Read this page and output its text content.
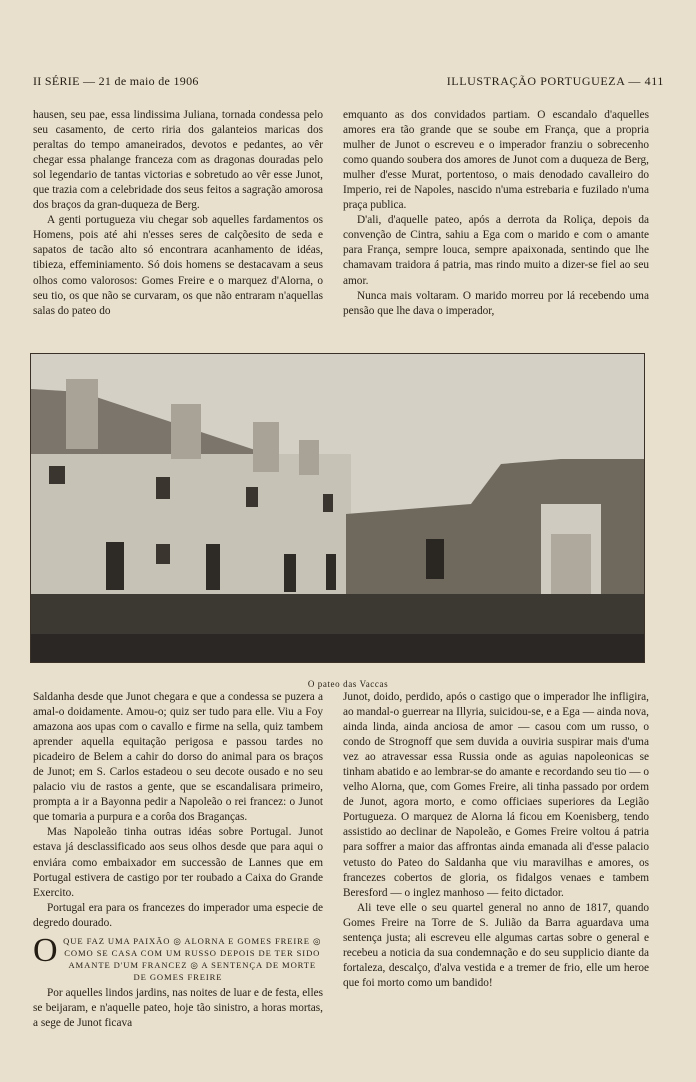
II SÉRIE — 21 de maio de 1906	ILLUSTRAÇÃO PORTUGUEZA — 411

hausen, seu pae, essa lindissima Juliana, tornada condessa pelo seu casamento, de certo riria dos galanteios maricas dos peraltas do tempo amaneirados, devotos e pedantes, ao vêr chegar essa phalange franceza com as dragonas douradas pelo sol legendario de tantas victorias e sobretudo ao vêr esse Junot, que trazia com a celebridade dos seus feitos a sagração amorosa dos braços da gran-duqueza de Berg.

A genti portugueza viu chegar sob aquelles fardamentos os Homens, pois até ahi n'esses seres de calçõesito de seda e sapatos de tacão alto só encontrara acanhamento de idéas, tibieza, effeminiamento. Só dois homens se destacavam a seus olhos como valorosos: Gomes Freire e o marquez d'Alorna, o seu tio, os que não se curvaram, os que não entraram n'aquellas salas do pateo do

emquanto as dos convidados partiam. O escandalo d'aquelles amores era tão grande que se soube em França, que a propria mulher de Junot o escreveu e o imperador franziu o sobrecenho como quando soubera dos amores de Junot com a duqueza de Berg, mulher d'esse Murat, portentoso, o mais denodado cavalleiro do Imperio, rei de Napoles, nascido n'uma estrebaria e fuzilado n'uma praça publica.

D'ali, d'aquelle pateo, após a derrota da Roliça, depois da convenção de Cintra, sahiu a Ega com o marido e com o amante para França, sempre louca, sempre apaixonada, sentindo que lhe chamavam traidora á patria, mas rindo muito a dizer-se fiel ao seu amor.

Nunca mais voltaram. O marido morreu por lá recebendo uma pensão que lhe dava o imperador,

O pateo das Vaccas

Saldanha desde que Junot chegara e que a condessa se puzera a amal-o doidamente. Amou-o; quiz ser tudo para elle. Viu a Foy amazona aos upas com o cavallo e firme na sella, quiz tambem aprender aquella equitação perigosa e passou tardes no picadeiro de Belem a cahir do dorso do animal para os braços de Junot; em S. Carlos estadeou o seu decote ousado e no seu palacio viu de rastos a gente, que se escandalisara primeiro, prompta a ir a Bayonna pedir a Napoleão o rei francez: o Junot que tomaria a purpura e a corôa dos Braganças.

Mas Napoleão tinha outras idéas sobre Portugal. Junot estava já desclassificado aos seus olhos desde que para aqui o enviára como embaixador em successão de Lannes que em Portugal estivera de castigo por ter roubado a Caixa do Grande Exercito.

Portugal era para os francezes do imperador uma especie de degredo dourado.

O QUE FAZ UMA PAIXÃO ◎ ALORNA E GOMES FREIRE ◎ COMO SE CASA COM UM RUSSO DEPOIS DE TER SIDO AMANTE D'UM FRANCEZ ◎ A SENTENÇA DE MORTE DE GOMES FREIRE

Por aquelles lindos jardins, nas noites de luar e de festa, elles se beijaram, e n'aquelle pateo, hoje tão sinistro, a horas mortas, a sege de Junot ficava

Junot, doido, perdido, após o castigo que o imperador lhe infligira, ao mandal-o guerrear na Illyria, suicidou-se, e a Ega — ainda nova, ainda linda, ainda anciosa de amor — casou com um russo, o condo de Strognoff que sem duvida a ouviria suspirar mais d'uma vez ao atravessar essa Russia onde as aguias napoleonicas se tinham abatido e ao lembrar-se do amante e recordando seu tio — o velho Alorna, que, com Gomes Freire, ali tinha passado por ordem de Junot, agora morto, e como officiaes superiores da Legião Portugueza. O marquez de Alorna lá ficou em Koenisberg, tendo assistido ao declinar de Napoleão, e Gomes Freire voltou á patria para soffrer a maior das affrontas ainda emanada ali d'esse palacio vetusto do Pateo do Saldanha que viu maravilhas e amores, os francezes cobertos de gloria, os fidalgos venaes e tambem Beresford — o inglez manhoso — feito dictador.

Ali teve elle o seu quartel general no anno de 1817, quando Gomes Freire na Torre de S. Julião da Barra aguardava uma sentença justa; ali escreveu elle algumas cartas sobre o general e recebeu a noticia da sua condemnação e do seu supplicio diante da fortaleza, descalço, d'alva vestida e a tremer de frio, elle um heroe que foi morto como um bandido!
